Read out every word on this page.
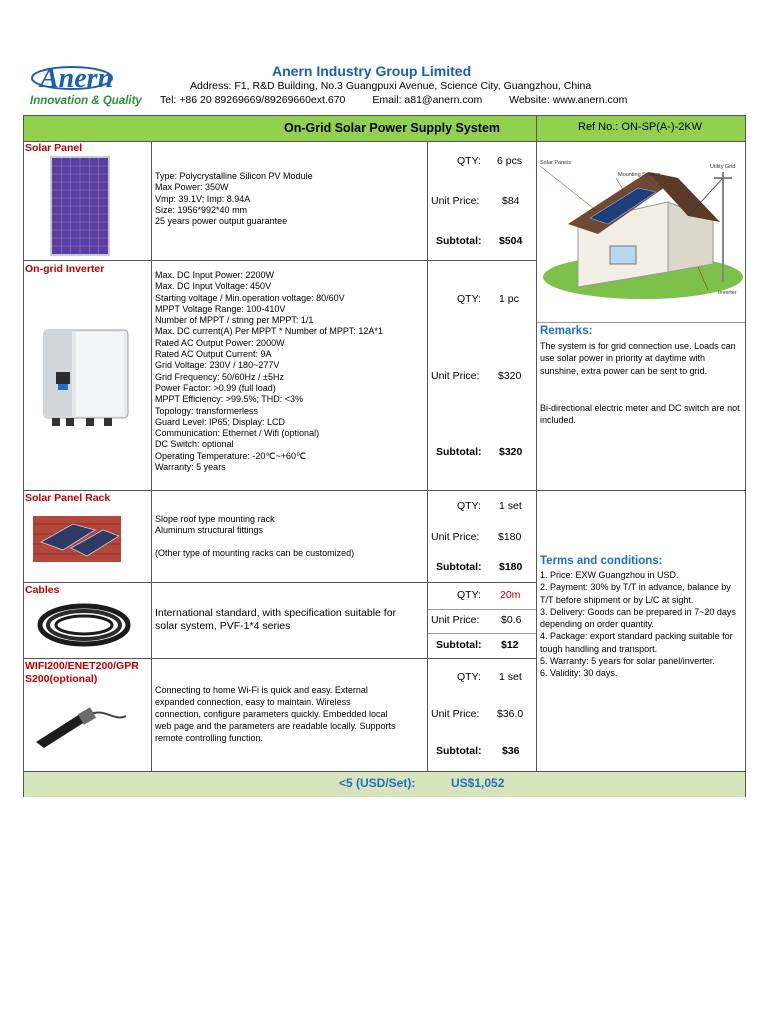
Anern
Innovation & Quality
Anern Industry Group Limited
Address: F1, R&D Building, No.3 Guangpuxi Avenue, Science City, Guangzhou, China
Tel: +86 20 89269669/89269660ext.670	Email: a81@anern.com	Website: www.anern.com
On-Grid Solar Power Supply System	Ref No.: ON-SP(A-)-2KW
<5 (USD/Set):	US$1,052
Solar Panel
Type: Polycrystalline Silicon PV Module
Max Power: 350W
Vmp: 39.1V; Imp: 8.94A
Size: 1956*992*40 mm
25 years power output guarantee
QTY: 6 pcs
Unit Price: $84
Subtotal: $504
On-grid Inverter	Max. DC Input Power: 2200W
Max. DC Input Voltage: 450V
Starting voltage / Min.operation voltage: 80/60V
MPPT Voltage Range: 100-410V
Number of MPPT / string per MPPT: 1/1
Max. DC current(A) Per MPPT * Number of MPPT: 12A*1
Rated AC Output Power: 2000W
Rated AC Output Current: 9A
Grid Voltage: 230V / 180~277V
Grid Frequency: 50/60Hz / ±5Hz
Power Factor: >0.99 (full load)
MPPT Efficiency: >99.5%; THD: <3%
Topology: transformerless
Guard Level: IP65; Display: LCD
Communication: Ethernet / Wifi (optional)
DC Switch: optional
Operating Temperature: -20℃~+60℃
Warranty: 5 years
QTY: 1 pc
Unit Price: $320
Subtotal: $320
Solar Panel Rack
Slope roof type mounting rack
Aluminum structural fittings
(Other type of mounting racks can be customized)
QTY: 1 set
Unit Price: $180
Subtotal: $180
Cables
International standard, with specification suitable for
solar system, PVF-1*4 series
QTY: 20m
Unit Price: $0.6
Subtotal: $12
WIFI200/ENET200/GPR
S200(optional)
Connecting to home Wi-Fi is quick and easy. External
expanded connection, easy to maintain. Wireless
connection, configure parameters quickly. Embedded local
web page and the parameters are readable locally. Supports
remote controlling function.
QTY: 1 set
Unit Price: $36.0
Subtotal: $36
Solar Panels
Mounting System
Utility Grid
Inverter
Remarks:
The system is for grid connection use. Loads can use solar power in priority at daytime with sunshine, extra power can be sent to grid.
Bi-directional electric meter and DC switch are not included.
Terms and conditions:
1. Price: EXW Guangzhou in USD.
2. Payment: 30% by T/T in advance, balance by T/T before shipment or by L/C at sight.
3. Delivery: Goods can be prepared in 7~20 days depending on order quantity.
4. Package: export standard packing suitable for tough handling and transport.
5. Warranty: 5 years for solar panel/inverter.
6. Validity: 30 days.
